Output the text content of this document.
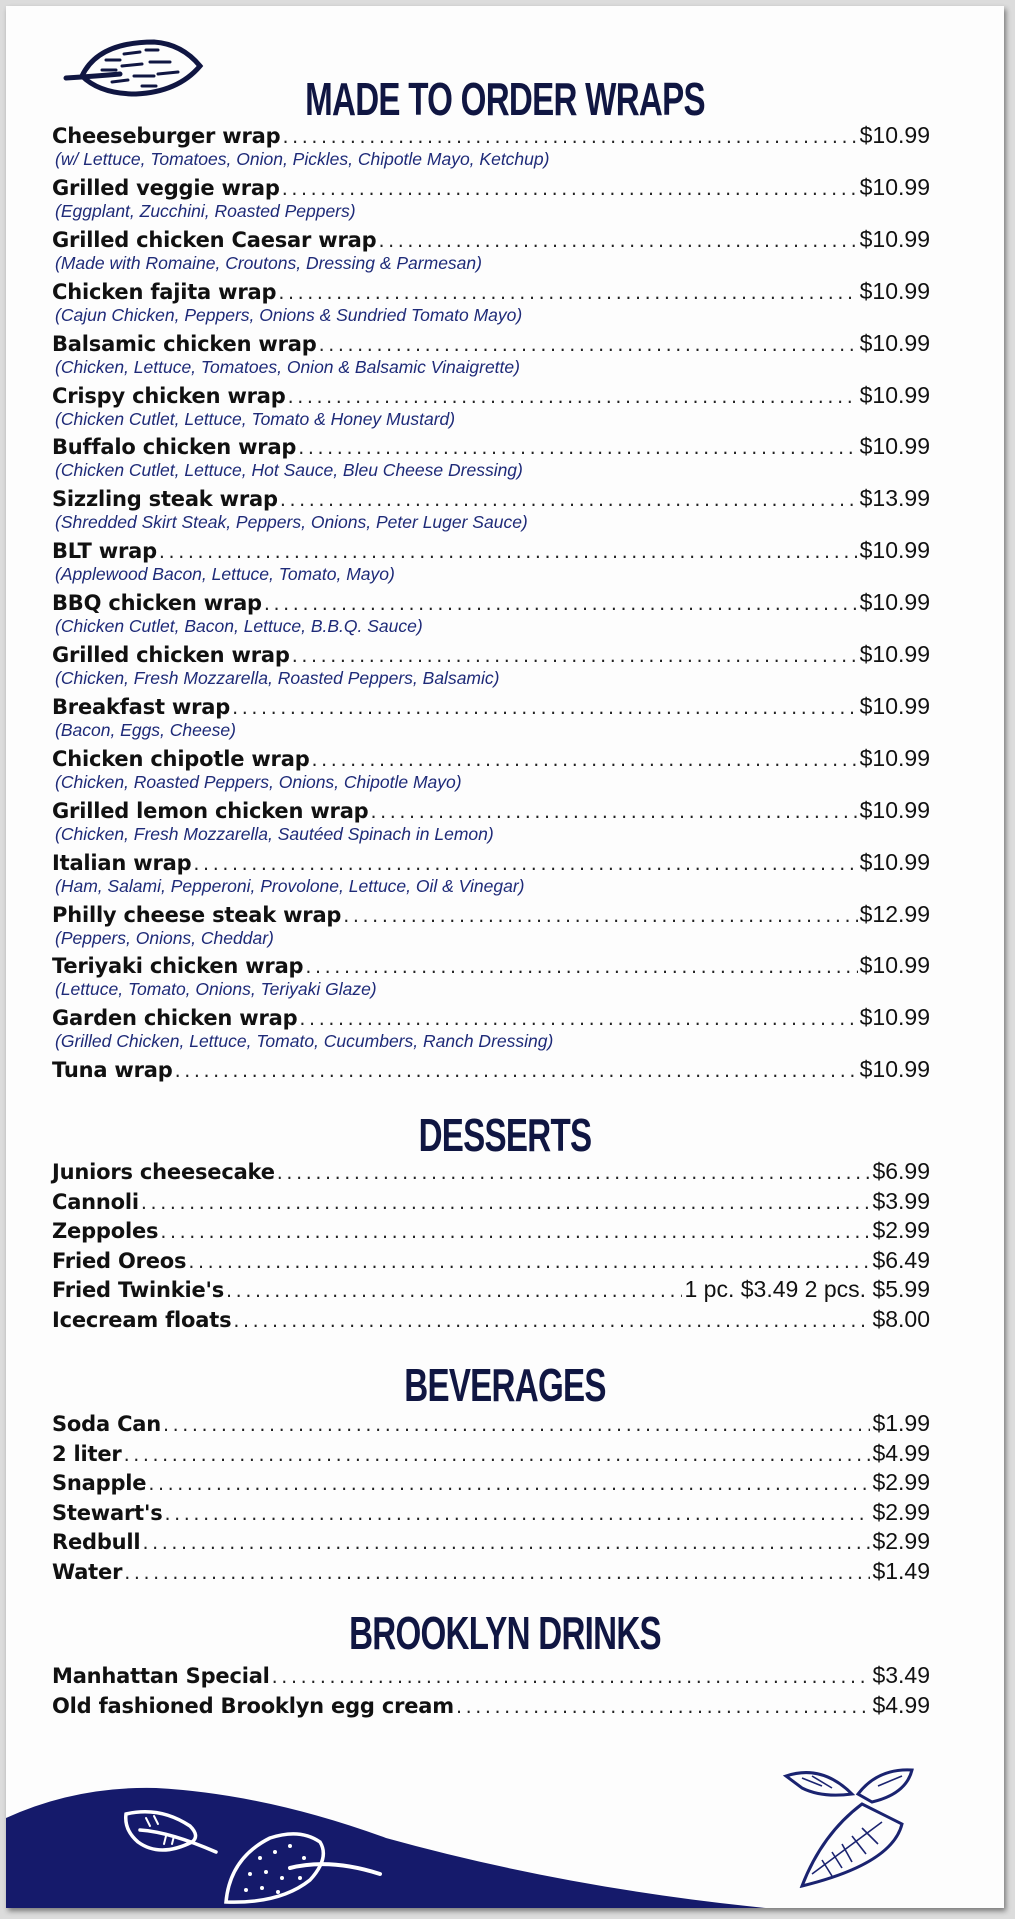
MADE TO ORDER WRAPS
Cheeseburger wrap .....	$10.99
(w/ Lettuce, Tomatoes, Onion, Pickles, Chipotle Mayo, Ketchup)
Grilled veggie wrap .....	$10.99
(Eggplant, Zucchini, Roasted Peppers)
Grilled chicken Caesar wrap .....	$10.99
(Made with Romaine, Croutons, Dressing & Parmesan)
Chicken fajita wrap .....	$10.99
(Cajun Chicken, Peppers, Onions & Sundried Tomato Mayo)
Balsamic chicken wrap .....	$10.99
(Chicken, Lettuce, Tomatoes, Onion & Balsamic Vinaigrette)
Crispy chicken wrap .....	$10.99
(Chicken Cutlet, Lettuce, Tomato & Honey Mustard)
Buffalo chicken wrap .....	$10.99
(Chicken Cutlet, Lettuce, Hot Sauce, Bleu Cheese Dressing)
Sizzling steak wrap .....	$13.99
(Shredded Skirt Steak, Peppers, Onions, Peter Luger Sauce)
BLT wrap .....	$10.99
(Applewood Bacon, Lettuce, Tomato, Mayo)
BBQ chicken wrap .....	$10.99
(Chicken Cutlet, Bacon, Lettuce, B.B.Q. Sauce)
Grilled chicken wrap .....	$10.99
(Chicken, Fresh Mozzarella, Roasted Peppers, Balsamic)
Breakfast wrap .....	$10.99
(Bacon, Eggs, Cheese)
Chicken chipotle wrap .....	$10.99
(Chicken, Roasted Peppers, Onions, Chipotle Mayo)
Grilled lemon chicken wrap .....	$10.99
(Chicken, Fresh Mozzarella, Sautéed Spinach in Lemon)
Italian wrap .....	$10.99
(Ham, Salami, Pepperoni, Provolone, Lettuce, Oil & Vinegar)
Philly cheese steak wrap .....	$12.99
(Peppers, Onions, Cheddar)
Teriyaki chicken wrap .....	$10.99
(Lettuce, Tomato, Onions, Teriyaki Glaze)
Garden chicken wrap .....	$10.99
(Grilled Chicken, Lettuce, Tomato, Cucumbers, Ranch Dressing)
Tuna wrap .....	$10.99
DESSERTS
Juniors cheesecake .....	$6.99
Cannoli .....	$3.99
Zeppoles .....	$2.99
Fried Oreos .....	$6.49
Fried Twinkie's .....	1 pc. $3.49 2 pcs. $5.99
Icecream floats .....	$8.00
BEVERAGES
Soda Can .....	$1.99
2 liter .....	$4.99
Snapple .....	$2.99
Stewart's .....	$2.99
Redbull .....	$2.99
Water .....	$1.49
BROOKLYN DRINKS
Manhattan Special .....	$3.49
Old fashioned Brooklyn egg cream .....	$4.99
